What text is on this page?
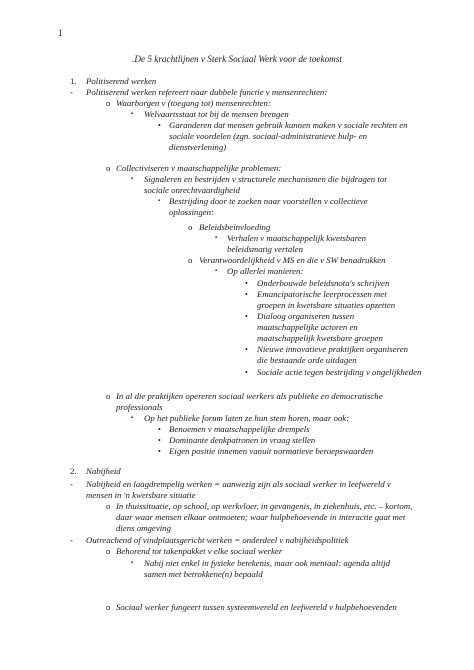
1
.De 5 krachtlijnen v Sterk Sociaal Werk voor de toekomst
1. Politiserend werken
- Politiserend werken refereert naar dubbele functie v mensenrechten:
o Waarborgen v (toegang tot) mensenrechten:
▪ Welvaartsstaat tot bij de mensen brengen
• Garanderen dat mensen gebruik kunnen maken v sociale rechten en
sociale voordelen (zgn. sociaal-administratieve hulp- en
dienstverlening)
o Collectiviseren v maatschappelijke problemen:
▪ Signaleren en bestrijden v structurele mechanismen die bijdragen tot
sociale onrechtvaardigheid
▪ Bestrijding door te zoeken naar voorstellen v collectieve
oplossingen:
o Beleidsbeïnvloeding
▪ Verhalen v maatschappelijk kwetsbaren
beleidsmatig vertalen
o Verantwoordelijkheid v MS en die v SW benadrukken
▪ Op allerlei manieren:
• Onderbouwde beleidsnota's schrijven
• Emancipatorische leerprocessen met
groepen in kwetsbare situaties opzetten
• Dialoog organiseren tussen
maatschappelijke actoren en
maatschappelijk kwetsbare groepen
• Nieuwe innovatieve praktijken organiseren
die bestaande orde uitdagen
• Sociale actie tegen bestrijding v ongelijkheden
o In al die praktijken opereren sociaal werkers als publieke en democratische
professionals
▪ Op het publieke forum laten ze hun stem horen, maar ook:
• Benoemen v maatschappelijke drempels
• Dominante denkpatronen in vraag stellen
• Eigen positie innemen vanuit normatieve beroepswaarden
2. Nabijheid
- Nabijheid en laagdrempelig werken = aanwezig zijn als sociaal werker in leefwereld v
mensen in 'n kwetsbare situatie
o In thuissituatie, op school, op werkvloer, in gevangenis, in ziekenhuis, etc. – kortom,
daar waar mensen elkaar ontmoeten; waar hulpbehoevende in interactie gaat met
diens omgeving
- Outreachend of vindplaatsgericht werken = onderdeel v nabijheidspolitiek
o Behorend tot takenpakket v elke sociaal werker
▪ Nabij niet enkel in fysieke betekenis, maar ook mentaal: agenda altijd
samen met betrokkene(n) bepaald
o Sociaal werker fungeert tussen systeemwereld en leefwereld v hulpbehoevenden
